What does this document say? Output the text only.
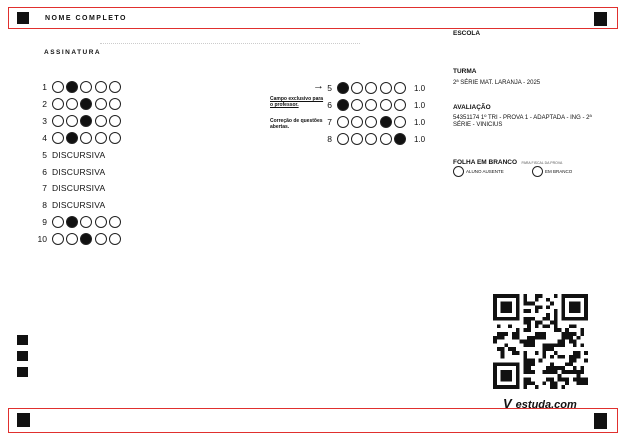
NOME COMPLETO
ASSINATURA
1
2
3
4
5 DISCURSIVA
6 DISCURSIVA
7 DISCURSIVA
8 DISCURSIVA
9
10
→
Campo exclusivo para o professor.
Correção de questões abertas.
5	1.0
6	1.0
7	1.0
8	1.0
ESCOLA
TURMA
2ª SÉRIE MAT. LARANJA - 2025
AVALIAÇÃO
54351174 1º TRI - PROVA 1 - ADAPTADA - ING - 2ª SÉRIE - VINICIUS
FOLHA EM BRANCO PARA FISCAL DA PROVA
ALUNO AUSENTE	EM BRANCO
V estuda.com
